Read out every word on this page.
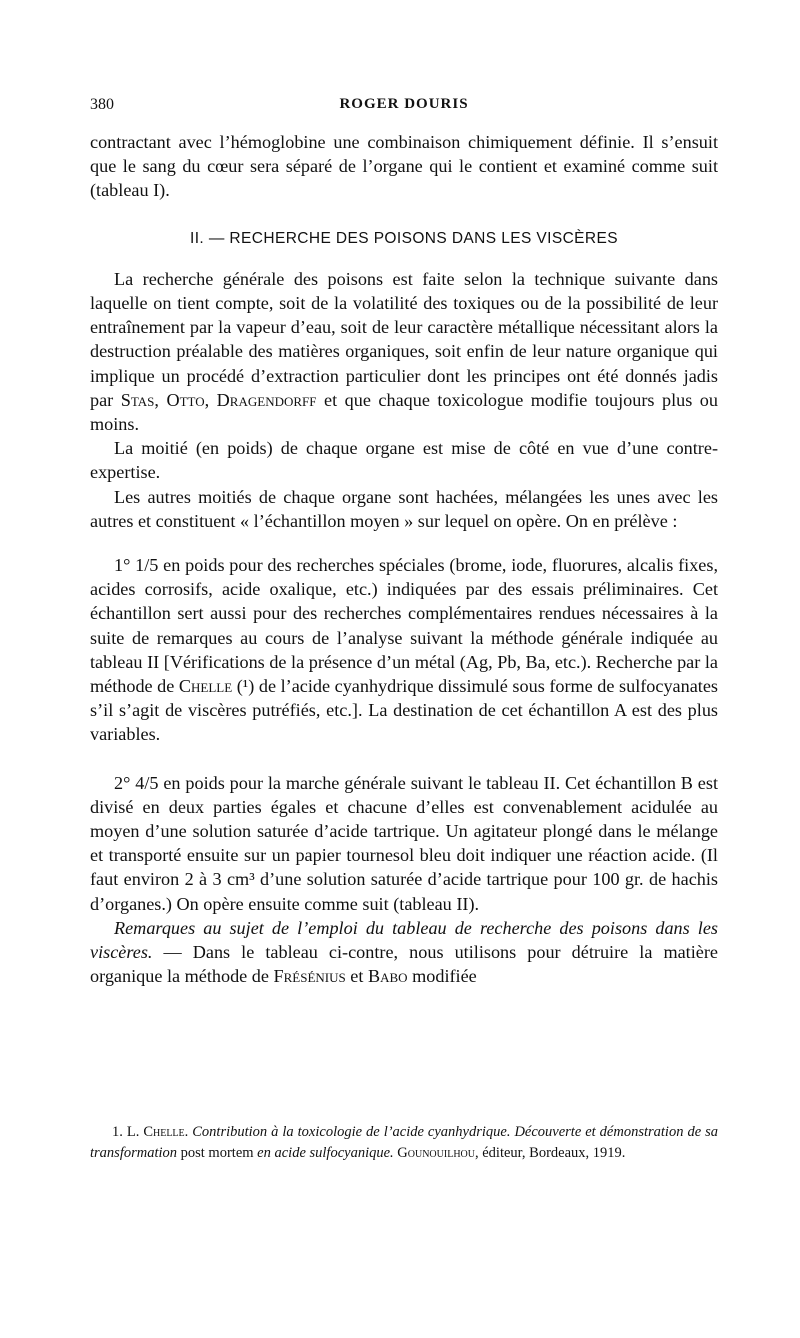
380	ROGER DOURIS

contractant avec l’hémoglobine une combinaison chimiquement définie. Il s’ensuit que le sang du cœur sera séparé de l’organe qui le contient et examiné comme suit (tableau I).

II. — RECHERCHE DES POISONS DANS LES VISCÈRES

La recherche générale des poisons est faite selon la technique suivante dans laquelle on tient compte, soit de la volatilité des toxiques ou de la possibilité de leur entraînement par la vapeur d’eau, soit de leur caractère métallique nécessitant alors la destruction préalable des matières organiques, soit enfin de leur nature organique qui implique un procédé d’extraction particulier dont les principes ont été donnés jadis par Stas, Otto, Dragendorff et que chaque toxicologue modifie toujours plus ou moins.

La moitié (en poids) de chaque organe est mise de côté en vue d’une contre-expertise.

Les autres moitiés de chaque organe sont hachées, mélangées les unes avec les autres et constituent « l’échantillon moyen » sur lequel on opère. On en prélève :

1° 1/5 en poids pour des recherches spéciales (brome, iode, fluorures, alcalis fixes, acides corrosifs, acide oxalique, etc.) indiquées par des essais préliminaires. Cet échantillon sert aussi pour des recherches complémentaires rendues nécessaires à la suite de remarques au cours de l’analyse suivant la méthode générale indiquée au tableau II [Vérifications de la présence d’un métal (Ag, Pb, Ba, etc.). Recherche par la méthode de Chelle (¹) de l’acide cyanhydrique dissimulé sous forme de sulfocyanates s’il s’agit de viscères putréfiés, etc.]. La destination de cet échantillon A est des plus variables.

2° 4/5 en poids pour la marche générale suivant le tableau II. Cet échantillon B est divisé en deux parties égales et chacune d’elles est convenablement acidulée au moyen d’une solution saturée d’acide tartrique. Un agitateur plongé dans le mélange et transporté ensuite sur un papier tournesol bleu doit indiquer une réaction acide. (Il faut environ 2 à 3 cm³ d’une solution saturée d’acide tartrique pour 100 gr. de hachis d’organes.) On opère ensuite comme suit (tableau II).

Remarques au sujet de l’emploi du tableau de recherche des poisons dans les viscères. — Dans le tableau ci-contre, nous utilisons pour détruire la matière organique la méthode de Frésénius et Babo modifiée

1. L. Chelle. Contribution à la toxicologie de l’acide cyanhydrique. Découverte et démonstration de sa transformation post mortem en acide sulfocyanique. Gounouilhou, éditeur, Bordeaux, 1919.
